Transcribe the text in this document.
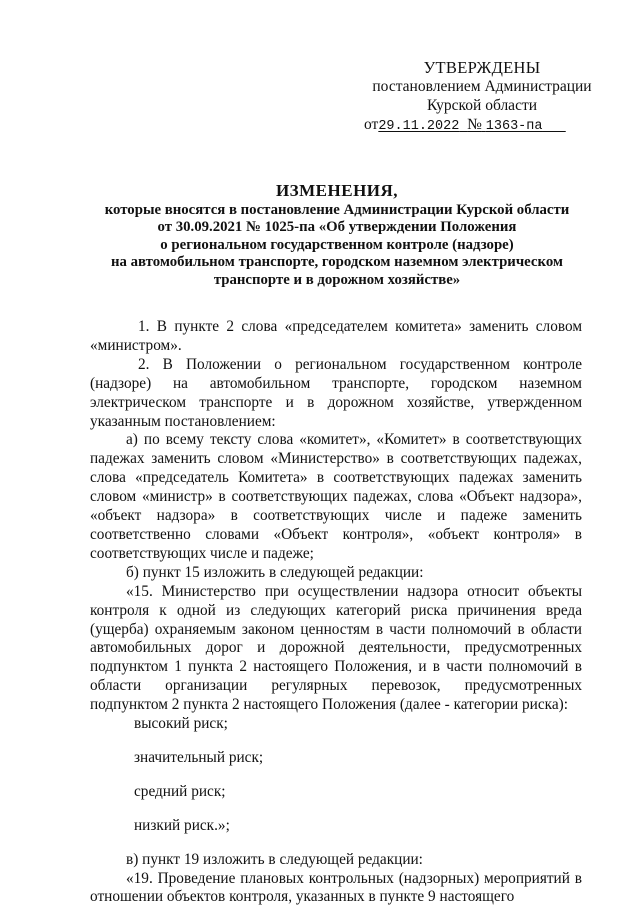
УТВЕРЖДЕНЫ
постановлением Администрации
Курской области
от29.11.2022 № 1363-па
ИЗМЕНЕНИЯ,
которые вносятся в постановление Администрации Курской области
от 30.09.2021 № 1025-па «Об утверждении Положения
о региональном государственном контроле (надзоре)
на автомобильном транспорте, городском наземном электрическом
транспорте и в дорожном хозяйстве»

1. В пункте 2 слова «председателем комитета» заменить словом «министром».

2. В Положении о региональном государственном контроле (надзоре) на автомобильном транспорте, городском наземном электрическом транспорте и в дорожном хозяйстве, утвержденном указанным постановлением:

а) по всему тексту слова «комитет», «Комитет» в соответствующих падежах заменить словом «Министерство» в соответствующих падежах, слова «председатель Комитета» в соответствующих падежах заменить словом «министр» в соответствующих падежах, слова «Объект надзора», «объект надзора» в соответствующих числе и падеже заменить соответственно словами «Объект контроля», «объект контроля» в соответствующих числе и падеже;

б) пункт 15 изложить в следующей редакции:

«15. Министерство при осуществлении надзора относит объекты контроля к одной из следующих категорий риска причинения вреда (ущерба) охраняемым законом ценностям в части полномочий в области автомобильных дорог и дорожной деятельности, предусмотренных подпунктом 1 пункта 2 настоящего Положения, и в части полномочий в области организации регулярных перевозок, предусмотренных подпунктом 2 пункта 2 настоящего Положения (далее - категории риска):

высокий риск;

значительный риск;

средний риск;

низкий риск.»;

в) пункт 19 изложить в следующей редакции:

«19. Проведение плановых контрольных (надзорных) мероприятий в отношении объектов контроля, указанных в пункте 9 настоящего
